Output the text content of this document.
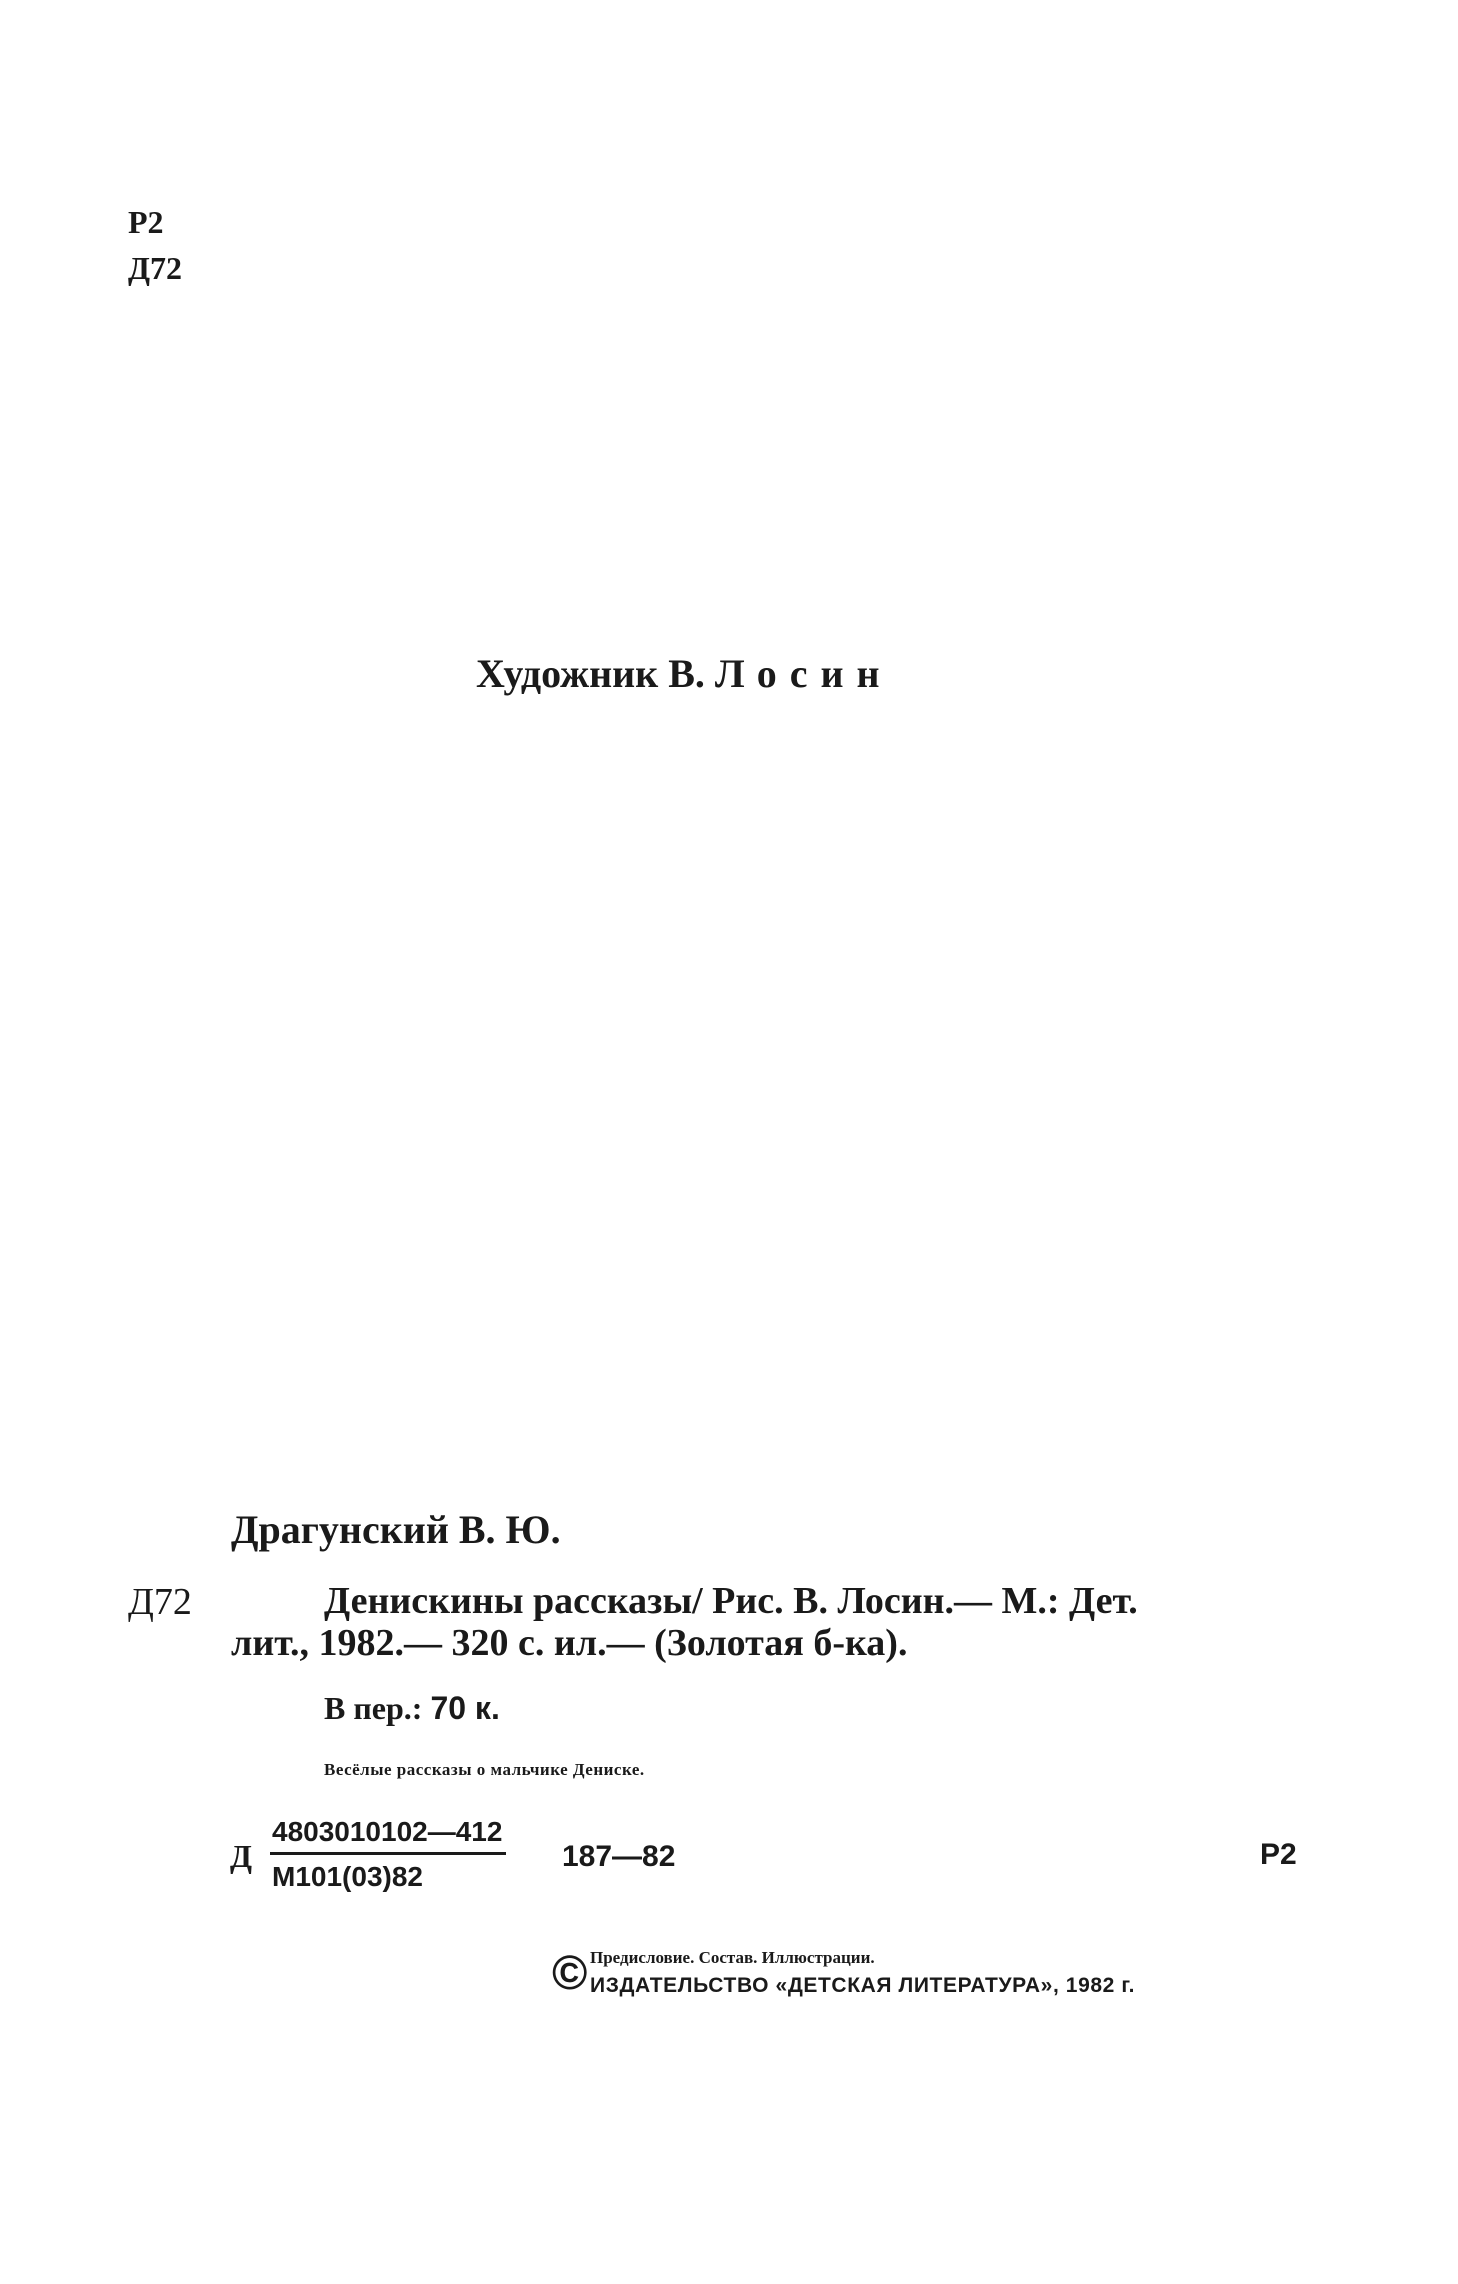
Р2
Д72
Художник В. Лосин
Драгунский В. Ю.
Д72	Денискины рассказы/ Рис. В. Лосин.— М.: Дет.
лит., 1982.— 320 с. ил.— (Золотая б-ка).
В пер.: 70 к.
Весёлые рассказы о мальчике Дениске.
Д
4803010102—412
М101(03)82
187—82	Р2
© Предисловие. Состав. Иллюстрации.
ИЗДАТЕЛЬСТВО «ДЕТСКАЯ ЛИТЕРАТУРА», 1982 г.
